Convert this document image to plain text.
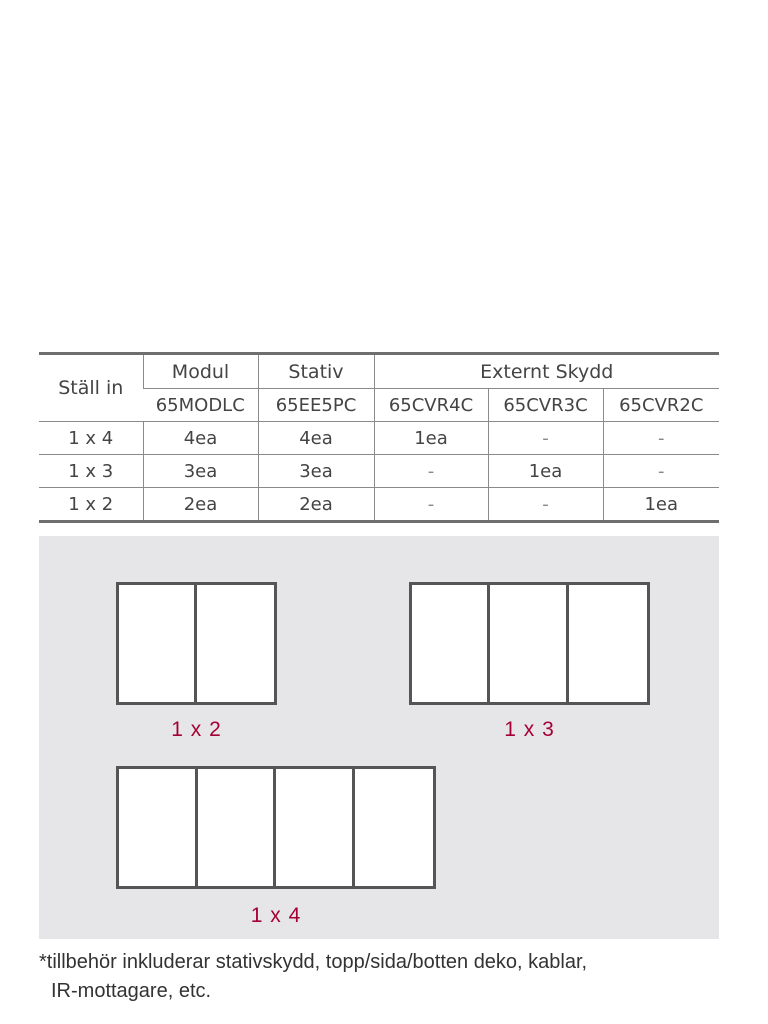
Ställ in	Modul	Stativ	Externt Skydd		
	65MODLC	65EE5PC	65CVR4C	65CVR3C	65CVR2C
1 x 4	4ea	4ea	1ea	-	-
1 x 3	3ea	3ea	-	1ea	-
1 x 2	2ea	2ea	-	-	1ea
1 x 2	1 x 3
1 x 4
*tillbehör inkluderar stativskydd, topp/sida/botten deko, kablar,
IR-mottagare, etc.
